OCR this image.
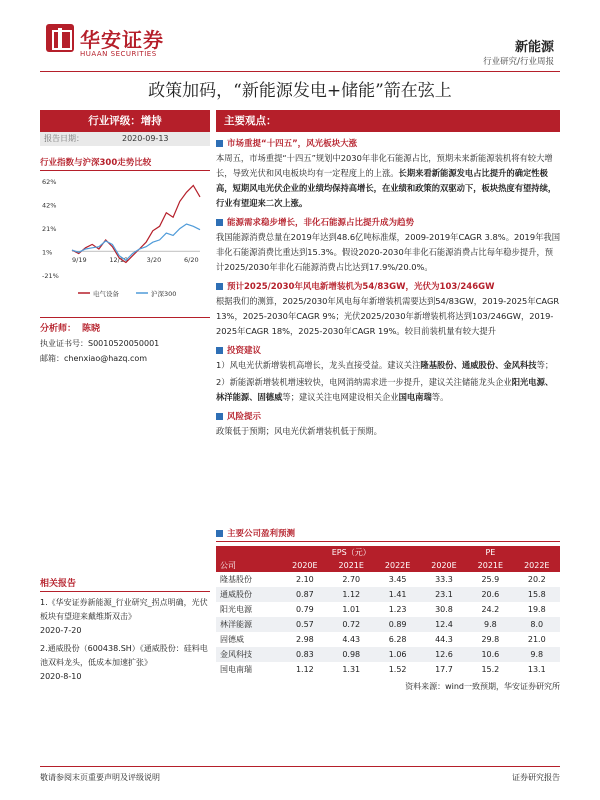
华安证券
HUAAN SECURITIES	新能源
行业研究/行业周报
政策加码，“新能源发电+储能”箭在弦上
行业评级：增持
报告日期：	2020-09-13
行业指数与沪深300走势比较
62%
42%
21%
1%
-21%
9/19	12/19	3/20	6/20
电气设备	沪深300
分析师： 陈晓
执业证书号：S0010520050001
邮箱：chenxiao@hazq.com
相关报告

1.《华安证券新能源_行业研究_拐点明确，光伏板块有望迎来戴维斯双击》

2020-7-20

2.通威股份（600438.SH）《通威股份：硅料电池双料龙头，低成本加速扩张》

2020-8-10

主要观点：
市场重提“十四五”，风光板块大涨
本周五，市场重提“十四五”规划中2030年非化石能源占比，预期未来新能源装机将有较大增长，导致光伏和风电板块均有一定程度上的上涨。长期来看新能源发电占比提升的确定性极高，短期风电光伏企业的业绩均保持高增长，在业绩和政策的双驱动下，板块热度有望持续，行业有望迎来二次上涨。
能源需求稳步增长，非化石能源占比提升成为趋势
我国能源消费总量在2019年达到48.6亿吨标准煤，2009-2019年CAGR 3.8%。2019年我国非化石能源消费比重达到15.3%。假设2020-2030年非化石能源消费占比每年稳步提升，预计2025/2030年非化石能源消费占比达到17.9%/20.0%。
预计2025/2030年风电新增装机为54/83GW，光伏为103/246GW
根据我们的测算，2025/2030年风电每年新增装机需要达到54/83GW，2019-2025年CAGR 13%，2025-2030年CAGR 9%；光伏2025/2030年新增装机将达到103/246GW，2019-2025年CAGR 18%，2025-2030年CAGR 19%。较目前装机量有较大提升
投资建议
1）风电光伏新增装机高增长，龙头直接受益。建议关注隆基股份、通威股份、金风科技等；
2）新能源新增装机增速较快，电网消纳需求进一步提升，建议关注储能龙头企业阳光电源、林洋能源、固德威等；建议关注电网建设相关企业国电南瑞等。
风险提示
政策低于预期；风电光伏新增装机低于预期。
主要公司盈利预测
	EPS（元）			PE		
公司	2020E	2021E	2022E	2020E	2021E	2022E
隆基股份	2.10	2.70	3.45	33.3	25.9	20.2
通威股份	0.87	1.12	1.41	23.1	20.6	15.8
阳光电源	0.79	1.01	1.23	30.8	24.2	19.8
林洋能源	0.57	0.72	0.89	12.4	9.8	8.0
固德威	2.98	4.43	6.28	44.3	29.8	21.0
金风科技	0.83	0.98	1.06	12.6	10.6	9.8
国电南瑞	1.12	1.31	1.52	17.7	15.2	13.1
资料来源：wind一致预期，华安证券研究所
敬请参阅末页重要声明及评级说明	证券研究报告
